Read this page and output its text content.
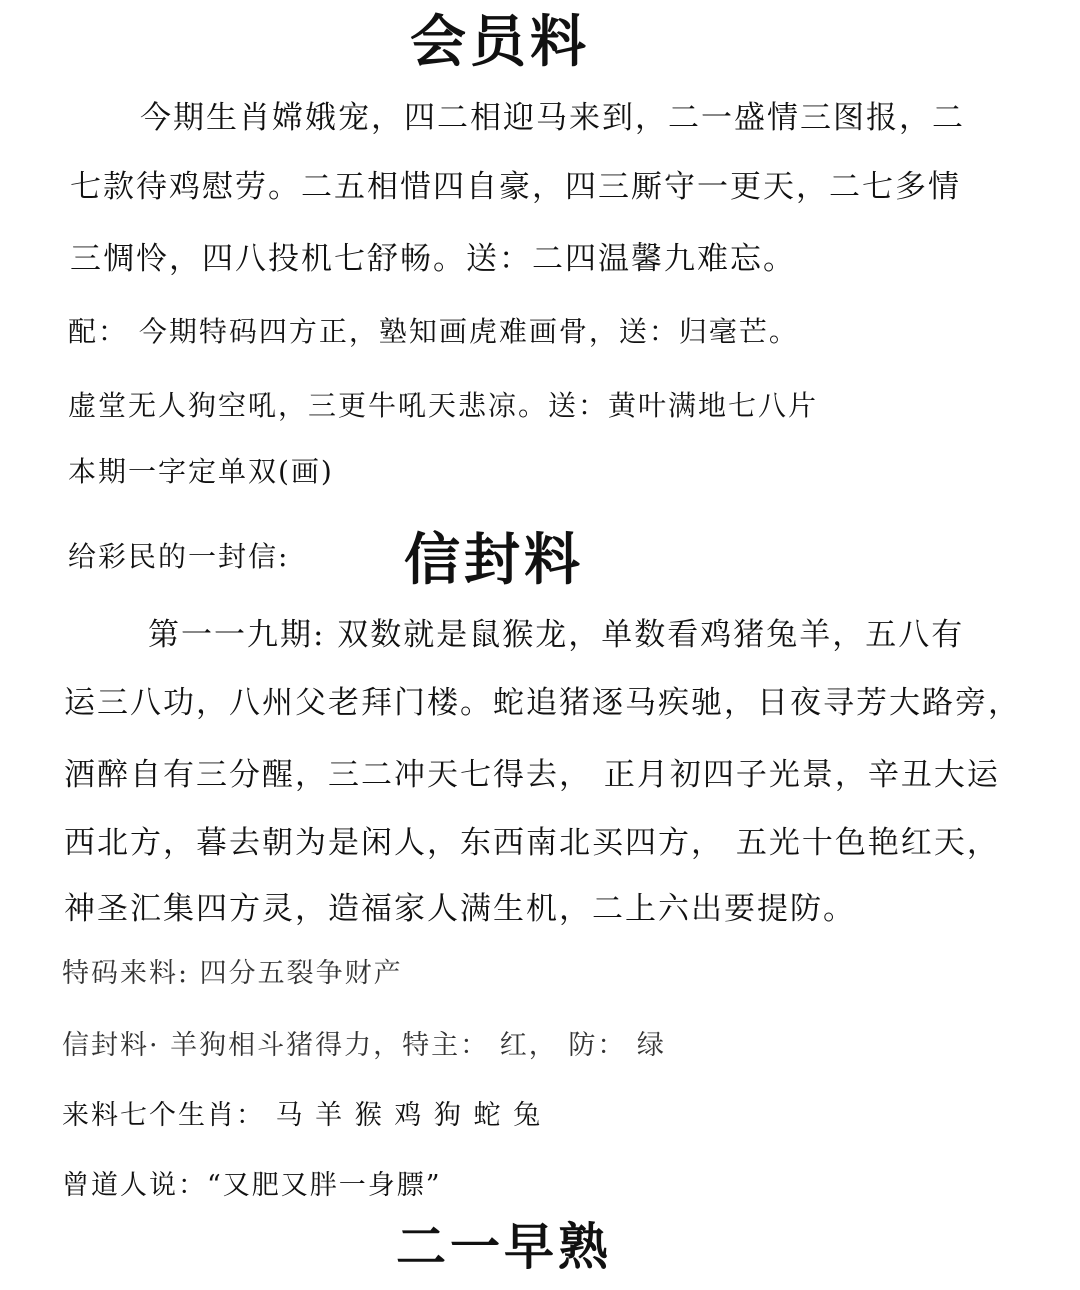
会员料
今期生肖嫦娥宠，四二相迎马来到，二一盛情三图报，二
七款待鸡慰劳。二五相惜四自豪，四三厮守一更天，二七多情
三惆怜，四八投机七舒畅。送：二四温馨九难忘。
配： 今期特码四方正，塾知画虎难画骨，送：归毫芒。
虚堂无人狗空吼，三更牛吼天悲凉。送：黄叶满地七八片
本期一字定单双(画)
给彩民的一封信: 信封料
第一一九期: 双数就是鼠猴龙，单数看鸡猪兔羊，五八有
运三八功，八州父老拜门楼。蛇追猪逐马疾驰，日夜寻芳大路旁，
酒醉自有三分醒，三二冲天七得去， 正月初四子光景，辛丑大运
西北方，暮去朝为是闲人，东西南北买四方， 五光十色艳红天，
神圣汇集四方灵，造福家人满生机，二上六出要提防。
特码来料: 四分五裂争财产
信封料· 羊狗相斗猪得力，特主： 红， 防： 绿
来料七个生肖： 马 羊 猴 鸡 狗 蛇 兔
曾道人说：“又肥又胖一身膘”
二一早熟
